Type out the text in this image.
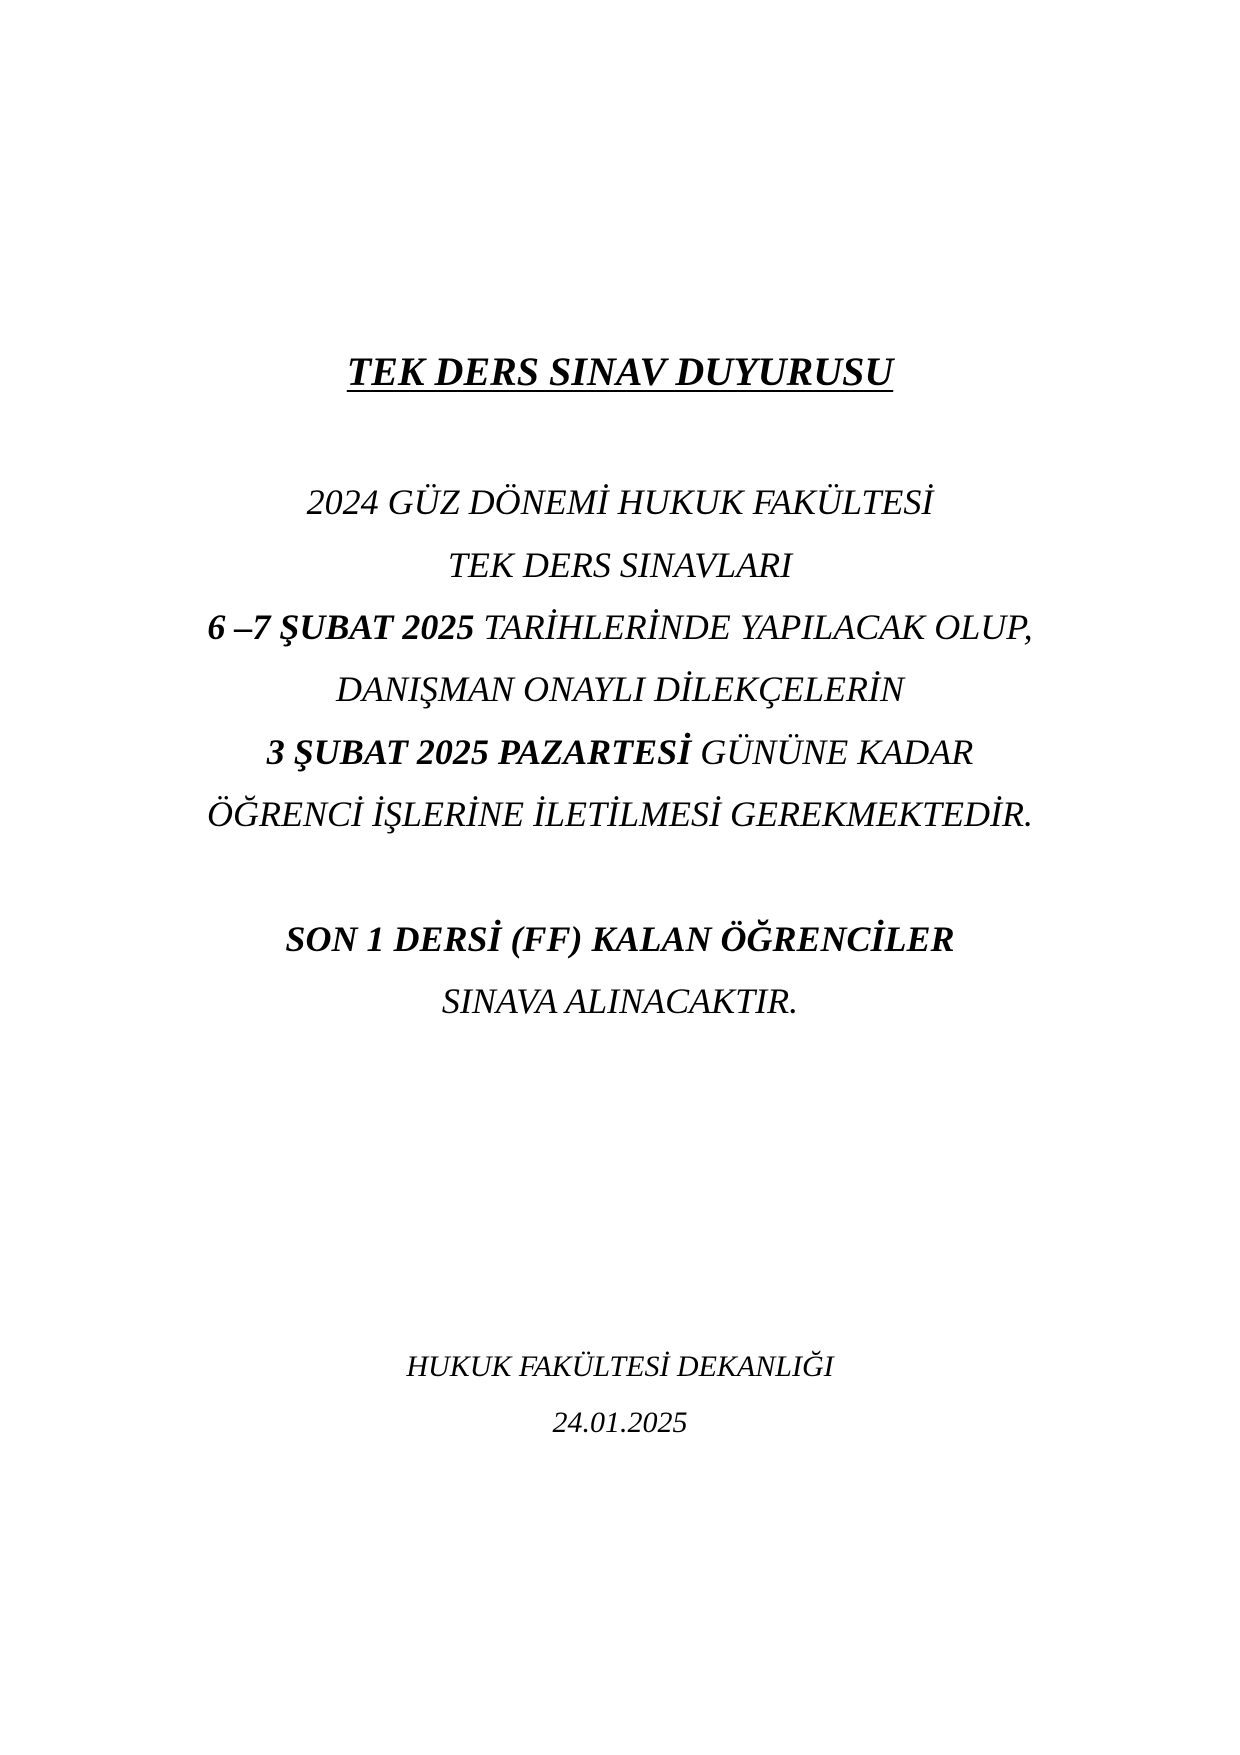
TEK DERS SINAV DUYURUSU
2024 GÜZ DÖNEMİ HUKUK FAKÜLTESİ
TEK DERS SINAVLARI
6 –7 ŞUBAT 2025 TARİHLERİNDE YAPILACAK OLUP,
DANIŞMAN ONAYLI DİLEKÇELERİN
3 ŞUBAT 2025 PAZARTESİ GÜNÜNE KADAR
ÖĞRENCİ İŞLERİNE İLETİLMESİ GEREKMEKTEDİR.
SON 1 DERSİ (FF) KALAN ÖĞRENCİLER
SINAVA ALINACAKTIR.
HUKUK FAKÜLTESİ DEKANLIĞI
24.01.2025
